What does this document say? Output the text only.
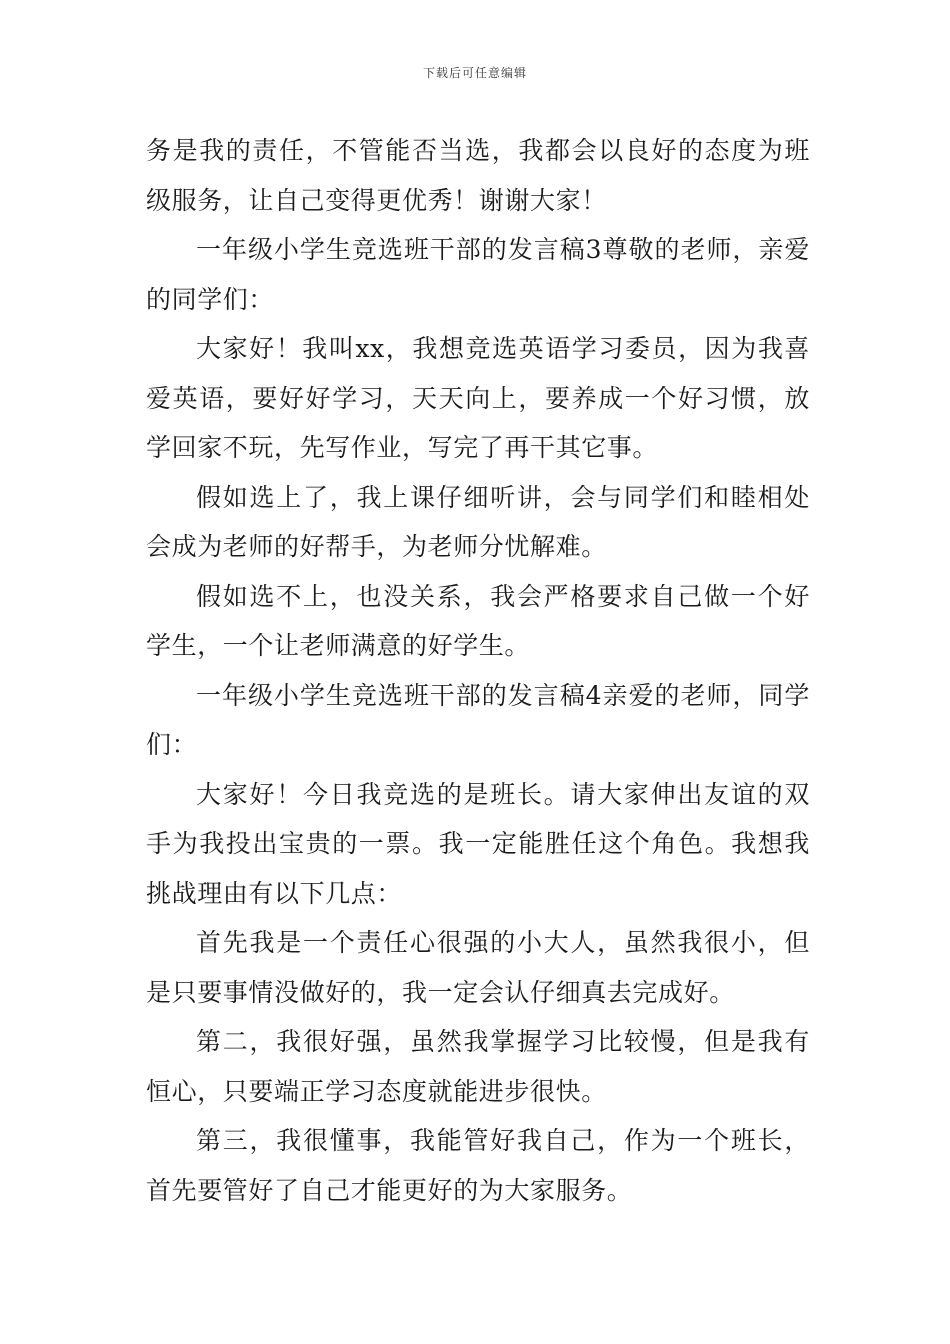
下载后可任意编辑

务是我的责任，不管能否当选，我都会以良好的态度为班级服务，让自己变得更优秀！谢谢大家！

一年级小学生竞选班干部的发言稿3尊敬的老师，亲爱的同学们：

大家好！我叫xx，我想竞选英语学习委员，因为我喜爱英语，要好好学习，天天向上，要养成一个好习惯，放学回家不玩，先写作业，写完了再干其它事。

假如选上了，我上课仔细听讲，会与同学们和睦相处会成为老师的好帮手，为老师分忧解难。

假如选不上，也没关系，我会严格要求自己做一个好学生，一个让老师满意的好学生。

一年级小学生竞选班干部的发言稿4亲爱的老师，同学们：

大家好！今日我竞选的是班长。请大家伸出友谊的双手为我投出宝贵的一票。我一定能胜任这个角色。我想我挑战理由有以下几点：

首先我是一个责任心很强的小大人，虽然我很小，但是只要事情没做好的，我一定会认仔细真去完成好。

第二，我很好强，虽然我掌握学习比较慢，但是我有恒心，只要端正学习态度就能进步很快。

第三，我很懂事，我能管好我自己，作为一个班长，首先要管好了自己才能更好的为大家服务。
